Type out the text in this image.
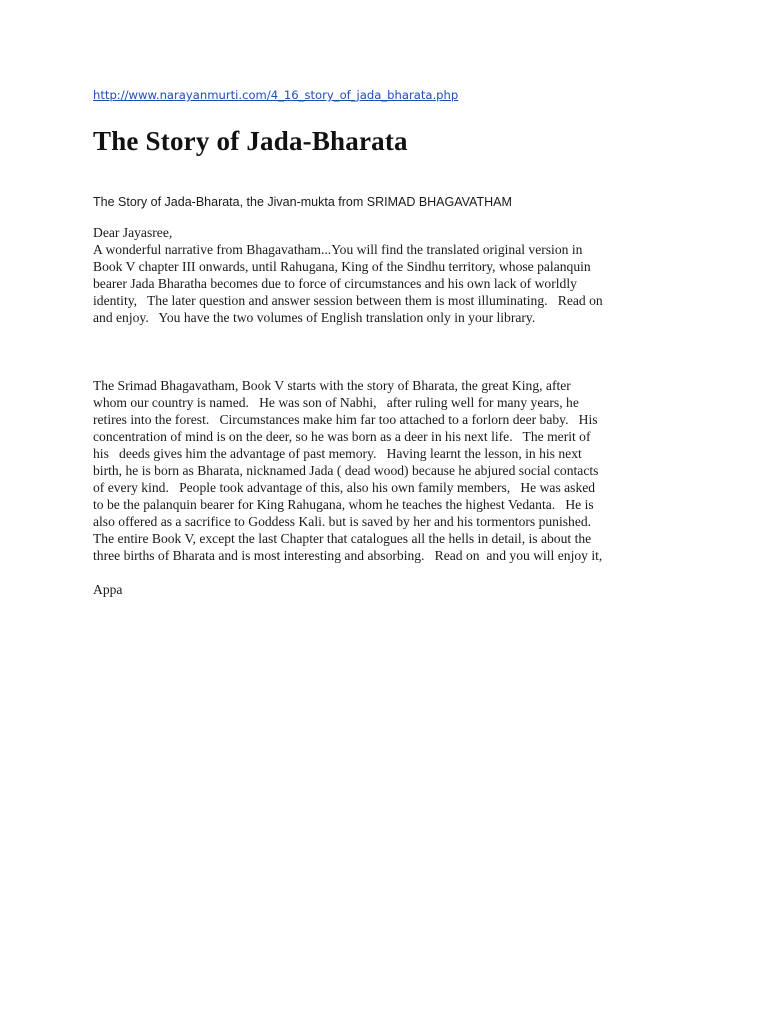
http://www.narayanmurti.com/4_16_story_of_jada_bharata.php
The Story of Jada-Bharata

The Story of Jada-Bharata, the Jivan-mukta from SRIMAD BHAGAVATHAM

Dear Jayasree,

A wonderful narrative from Bhagavatham...You will find the translated original version in
Book V chapter III onwards, until Rahugana, King of the Sindhu territory, whose palanquin
bearer Jada Bharatha becomes due to force of circumstances and his own lack of worldly
identity,   The later question and answer session between them is most illuminating.   Read on
and enjoy.   You have the two volumes of English translation only in your library.

The Srimad Bhagavatham, Book V starts with the story of Bharata, the great King, after
whom our country is named.   He was son of Nabhi,   after ruling well for many years, he
retires into the forest.   Circumstances make him far too attached to a forlorn deer baby.   His
concentration of mind is on the deer, so he was born as a deer in his next life.   The merit of
his   deeds gives him the advantage of past memory.   Having learnt the lesson, in his next
birth, he is born as Bharata, nicknamed Jada ( dead wood) because he abjured social contacts
of every kind.   People took advantage of this, also his own family members,   He was asked
to be the palanquin bearer for King Rahugana, whom he teaches the highest Vedanta.   He is
also offered as a sacrifice to Goddess Kali. but is saved by her and his tormentors punished.
The entire Book V, except the last Chapter that catalogues all the hells in detail, is about the
three births of Bharata and is most interesting and absorbing.   Read on  and you will enjoy it,

Appa
